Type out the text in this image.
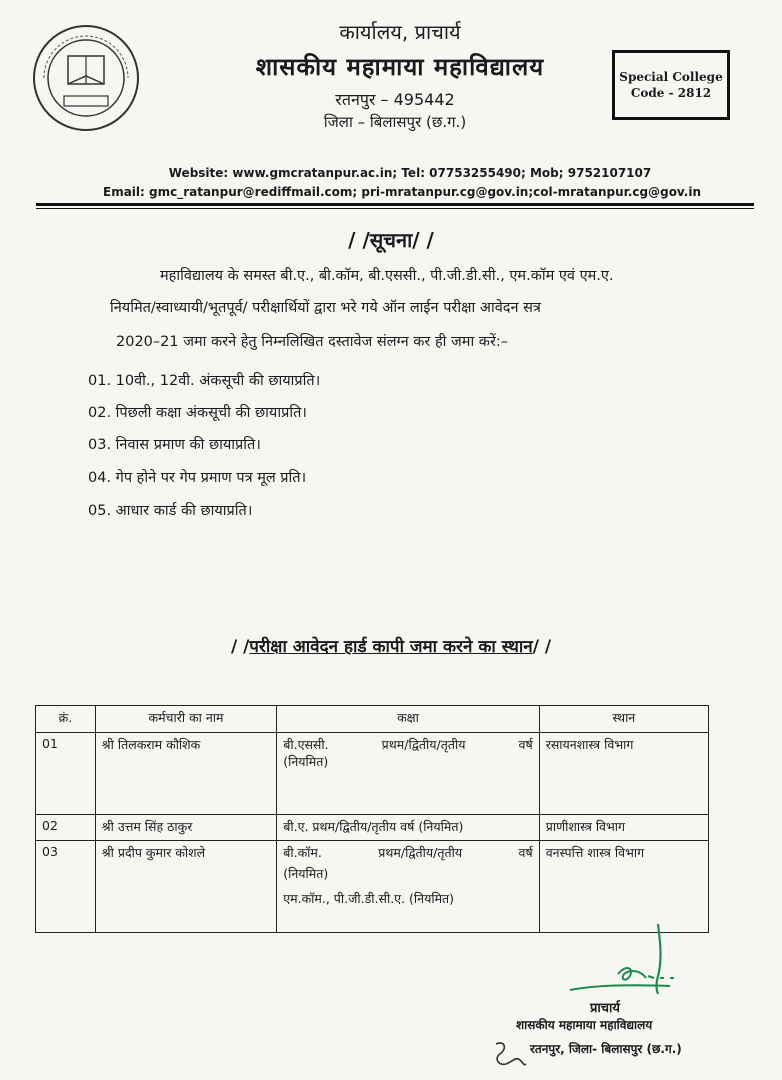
कार्यालय, प्राचार्य
शासकीय महामाया महाविद्यालय
रतनपुर – 495442
जिला – बिलासपुर (छ.ग.)
Special College
Code - 2812
Website: www.gmcratanpur.ac.in; Tel: 07753255490; Mob; 9752107107
Email: gmc_ratanpur@rediffmail.com; pri-mratanpur.cg@gov.in;col-mratanpur.cg@gov.in
/ /सूचना/ /
महाविद्यालय के समस्त बी.ए., बी.कॉम, बी.एससी., पी.जी.डी.सी., एम.कॉम एवं एम.ए.
नियमित/स्वाध्यायी/भूतपूर्व/ परीक्षार्थियों द्वारा भरे गये ऑन लाईन परीक्षा आवेदन सत्र
2020–21 जमा करने हेतु निम्नलिखित दस्तावेज संलग्न कर ही जमा करें:–
01. 10वी., 12वी. अंकसूची की छायाप्रति।
02. पिछली कक्षा अंकसूची की छायाप्रति।
03. निवास प्रमाण की छायाप्रति।
04. गेप होने पर गेप प्रमाण पत्र मूल प्रति।
05. आधार कार्ड की छायाप्रति।
/ /परीक्षा आवेदन हार्ड कापी जमा करने का स्थान/ /
क्रं.	कर्मचारी का नाम	कक्षा	स्थान
01	श्री तिलकराम कौशिक	बी.एससी. प्रथम/द्वितीय/तृतीय वर्ष
(नियमित)	रसायनशास्त्र विभाग
02	श्री उत्तम सिंह ठाकुर	बी.ए. प्रथम/द्वितीय/तृतीय वर्ष (नियमित)	प्राणीशास्त्र विभाग
03	श्री प्रदीप कुमार कोशले	बी.कॉम. प्रथम/द्वितीय/तृतीय वर्ष
(नियमित)
एम.कॉम., पी.जी.डी.सी.ए. (नियमित)	वनस्पत्ति शास्त्र विभाग
प्राचार्य
शासकीय महामाया महाविद्यालय
रतनपुर, जिला- बिलासपुर (छ.ग.)
